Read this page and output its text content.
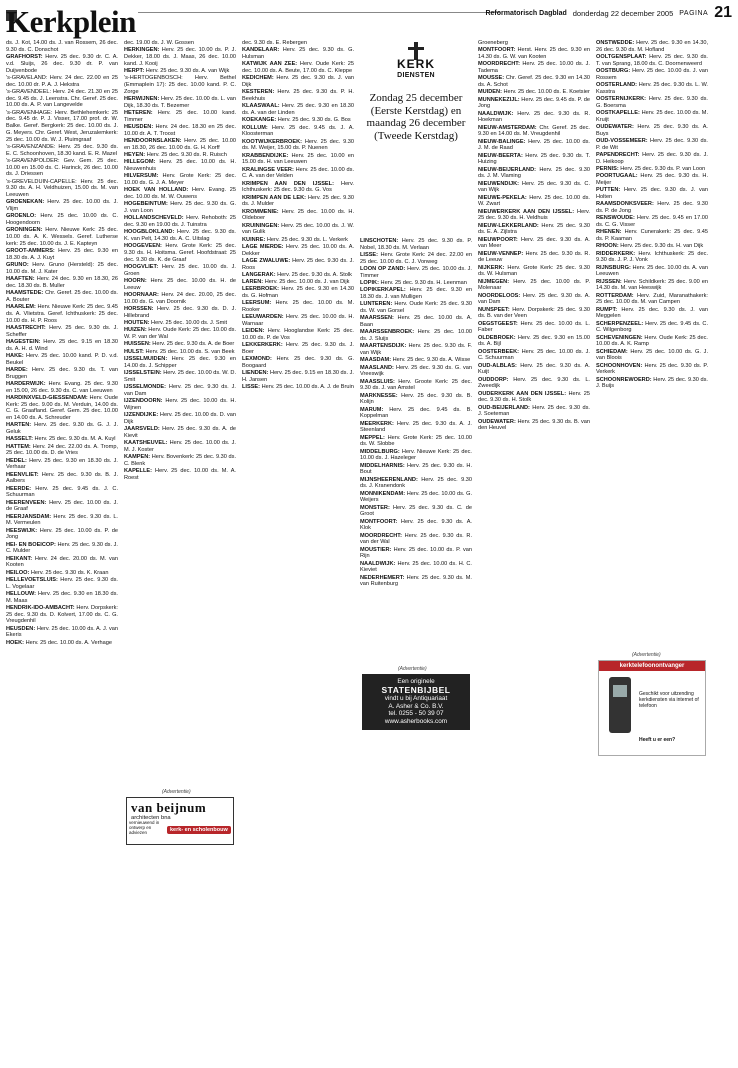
Kerkplein	Reformatorisch Dagblad donderdag 22 december 2005 PAGINA 21

ds. J. Kot, 14.00 ds. J. van Rossem, 26 dec. 9.30 ds. C. Donschot

GRAFHORST: Herv. 25 dec. 9.30 dr. C. A. v.d. Sluijs, 26 dec. 9.30 dr. P. van Duijvenbode

's-GRAVELAND: Herv. 24 dec. 22.00 en 25 dec. 10.00 dr. P. A. J. Hekstra

's-GRAVENDEEL: Herv. 24 dec. 21.30 en 25 dec. 9.45 ds. J. Leenstra. Chr. Geref. 25 dec. 10.00 ds. A. P. van Langevelde

's-GRAVENHAGE: Herv. Bethlehemkerk: 25 dec. 9.45 dr. P. J. Visser, 17.00 prof. dr. W. Balke. Geref. Bergkerk: 25 dec. 10.00 ds. J. G. Meyers. Chr. Geref. West, Jeruzalemkerk: 25 dec. 10.00 ds. W. J. Pluimgraaf

's-GRAVENZANDE: Herv. 25 dec. 9.30 ds. E. C. Schoonhoven, 18.30 kand. E. R. Mazel

's-GRAVENPOLDER: Gev. Gem. 25 dec. 10.00 en 15.00 ds. C. Harinck, 26 dec. 10.00 ds. J. Driessen

's-GREVELDUIN-CAPELLE: Herv. 25 dec. 9.30 ds. A. H. Veldhuizen, 15.00 ds. M. van Leeuwen

GROENEKAN: Herv. 25 dec. 10.00 ds. J. Vlijm

GROENLO: Herv. 25 dec. 10.00 ds. C. Hoogendoorn

GRONINGEN: Herv. Nieuwe Kerk: 25 dec. 10.00 ds. A. K. Wessels. Geref. Lutherse kerk: 25 dec. 10.00 ds. J. E. Kapteyn

GROOT-AMMERS: Herv. 25 dec. 9.30 en 18.30 ds. A. J. Kuyt

GRUNO: Herv. Gruno (Hersteld): 25 dec. 10.00 ds. M. J. Kater

HAAFTEN: Herv. 24 dec. 9.30 en 18.30, 26 dec. 18.30 ds. B. Muller

HAAMSTEDE: Chr. Geref. 25 dec. 10.00 ds. A. Bouter

HAARLEM: Herv. Nieuwe Kerk: 25 dec. 9.45 ds. A. Vlietstra. Geref. Ichthuskerk: 25 dec. 10.00 ds. H. P. Roos

HAASTRECHT: Herv. 25 dec. 9.30 ds. J. Scheffer

HAGESTEIN: Herv. 25 dec. 9.15 en 18.30 ds. A. H. d. Wind

HAKE: Herv. 25 dec. 10.00 kand. P. D. v.d. Beukel

HARDE: Herv. 25 dec. 9.30 ds. T. van Bruggen

HARDERWIJK: Herv. Evang. 25 dec. 9.30 en 15.00, 26 dec. 9.30 ds. C. van Leeuwen

HARDINXVELD-GIESSENDAM: Herv. Oude Kerk: 25 dec. 9.00 ds. M. Verduin, 14.00 ds. C. G. Graafland. Geref. Gem. 25 dec. 10.00 en 14.00 ds. A. Schreuder

HARTEN: Herv. 25 dec. 9.30 ds. G. J. J. Geluk

HASSELT: Herv. 25 dec. 9.30 ds. M. A. Kuyl

HATTEM: Herv. 24 dec. 22.00 ds. A. Tromp, 25 dec. 10.00 ds. D. de Vries

HEDEL: Herv. 25 dec. 9.30 en 18.30 ds. J. Verhaar

HEENVLIET: Herv. 25 dec. 9.30 ds. B. J. Aalbers

HEERDE: Herv. 25 dec. 9.45 ds. J. C. Schuurman

HEERENVEEN: Herv. 25 dec. 10.00 ds. J. de Graaf

HEERJANSDAM: Herv. 25 dec. 9.30 ds. L. M. Vermeulen

HEESWIJK: Herv. 25 dec. 10.00 ds. P. de Jong

HEI- EN BOEICOP: Herv. 25 dec. 9.30 ds. J. C. Mulder

HEIKANT: Herv. 24 dec. 20.00 ds. M. van Kooten

HEILOO: Herv. 25 dec. 9.30 ds. K. Kraan

HELLEVOETSLUIS: Herv. 25 dec. 9.30 ds. L. Vogelaar

HELLOUW: Herv. 25 dec. 9.30 en 18.30 ds. M. Maas

HENDRIK-IDO-AMBACHT: Herv. Dorpskerk: 25 dec. 9.30 ds. D. Kolvert, 17.00 ds. C. G. Vreugdenhil

HEUSDEN: Herv. 25 dec. 10.00 ds. A. J. van Ekeris

HOEK: Herv. 25 dec. 10.00 ds. A. Verhage

dec. 19.00 ds. J. W. Gossen

HERKINGEN: Herv. 25 dec. 10.00 ds. P. J. Dekker, 18.00 ds. J. Maas, 26 dec. 10.00 kand. J. Kooij

HERPT: Herv. 25 dec. 9.30 ds. A. van Wijk

's-HERTOGENBOSCH: Herv. Bethel (Emmaplein 17): 25 dec. 10.00 kand. P. C. Zorge

HERWIJNEN: Herv. 25 dec. 10.00 ds. L. van Dijk, 18.30 ds. T. Bezemer

HETEREN: Herv. 25 dec. 10.00 kand. Timmer

HEUSDEN: Herv. 24 dec. 18.30 en 25 dec. 10.00 dr. A. T. Troost

HENDOORNSLAKEN: Herv. 25 dec. 10.00 en 18.30, 26 dec. 10.00 ds. G. H. Korff

HEYEN: Herv. 25 dec. 9.30 ds. R. Ruisch

HILLEGOM: Herv. 25 dec. 10.00 ds. H. Nieuwenhuis

HILVERSUM: Herv. Grote Kerk: 25 dec. 10.00 ds. G. J. A. Meyer

HOEK VAN HOLLAND: Herv. Evang. 25 dec. 10.00 ds. M. W. Ouwens

HOGEBEINTUM: Herv. 25 dec. 9.30 ds. G. J. van Loon

HOLLANDSCHEVELD: Herv. Rehoboth: 25 dec. 9.30 en 19.00 ds. J. Tuinstra

HOOGBLOKLAND: Herv. 25 dec. 9.30 ds. K. van Pelt, 14.30 ds. A. C. Uitslag

HOOGEVEEN: Herv. Grote Kerk: 25 dec. 9.30 ds. H. Hoitsma. Geref. Hoofdstraat: 25 dec. 9.30 ds. K. de Graaf

HOOGVLIET: Herv. 25 dec. 10.00 ds. J. Groen

HOORN: Herv. 25 dec. 10.00 ds. H. de Leeuw

HOORNAAR: Herv. 24 dec. 20.00, 25 dec. 10.00 ds. G. van Doornik

HORSSEN: Herv. 25 dec. 9.30 ds. D. J. Hillebrand

HOUTEN: Herv. 25 dec. 10.00 ds. J. Smit

HUIZEN: Herv. Oude Kerk: 25 dec. 10.00 ds. W. P. van der Wal

HUISSEN: Herv. 25 dec. 9.30 ds. A. de Boer

HULST: Herv. 25 dec. 10.00 ds. S. van Beek

IJSSELMUIDEN: Herv. 25 dec. 9.30 en 14.00 ds. J. Schipper

IJSSELSTEIN: Herv. 25 dec. 10.00 ds. W. D. Smit

IJSSELMONDE: Herv. 25 dec. 9.30 ds. J. van Dam

IJZENDOORN: Herv. 25 dec. 10.00 ds. H. Wijnen

IJZENDIJKE: Herv. 25 dec. 10.00 ds. D. van Dijk

JAARSVELD: Herv. 25 dec. 9.30 ds. A. de Kievit

KAATSHEUVEL: Herv. 25 dec. 10.00 ds. J. M. J. Koster

KAMPEN: Herv. Bovenkerk: 25 dec. 9.30 ds. C. Blenk

KAPELLE: Herv. 25 dec. 10.00 ds. M. A. Roest

dec. 9.30 ds. E. Rebergen

KANDELAAR: Herv. 25 dec. 9.30 ds. G. Hulsman

KATWIJK AAN ZEE: Herv. Oude Kerk: 25 dec. 10.00 ds. A. Beute, 17.00 ds. C. Kleppe

KEDICHEM: Herv. 25 dec. 9.30 ds. J. van Dijk

KESTEREN: Herv. 25 dec. 9.30 ds. P. H. Beekhuis

KLAASWAAL: Herv. 25 dec. 9.30 en 18.30 ds. A. van der Linden

KOEKANGE: Herv. 25 dec. 9.30 ds. G. Bos

KOLLUM: Herv. 25 dec. 9.45 ds. J. A. Kloosterman

KOOTWIJKERBROEK: Herv. 25 dec. 9.30 ds. M. Weijer, 15.00 ds. P. Nuenen

KRABBENDIJKE: Herv. 25 dec. 10.00 en 15.00 ds. H. van Leeuwen

KRALINGSE VEER: Herv. 25 dec. 10.00 ds. C. A. van der Velden

KRIMPEN AAN DEN IJSSEL: Herv. Ichthuskerk: 25 dec. 9.30 ds. G. Vos

KRIMPEN AAN DE LEK: Herv. 25 dec. 9.30 ds. J. Mulder

KROMMENIE: Herv. 25 dec. 10.00 ds. H. Oldeboer

KRUININGEN: Herv. 25 dec. 10.00 ds. J. W. van Gulik

KUINRE: Herv. 25 dec. 9.30 ds. L. Verkerk

LAGE MIERDE: Herv. 25 dec. 10.00 ds. A. Dekker

LAGE ZWALUWE: Herv. 25 dec. 9.30 ds. J. Roos

LANGERAK: Herv. 25 dec. 9.30 ds. A. Stolk

LAREN: Herv. 25 dec. 10.00 ds. J. van Dijk

LEERBROEK: Herv. 25 dec. 9.30 en 14.30 ds. G. Hofman

LEERSUM: Herv. 25 dec. 10.00 ds. M. Rooker

LEEUWARDEN: Herv. 25 dec. 10.00 ds. H. Warnaar

LEIDEN: Herv. Hooglandse Kerk: 25 dec. 10.00 ds. P. de Vos

LEKKERKERK: Herv. 25 dec. 9.30 ds. J. Boer

LEXMOND: Herv. 25 dec. 9.30 ds. G. Boogaard

LIENDEN: Herv. 25 dec. 9.15 en 18.30 ds. J. H. Jansen

LISSE: Herv. 25 dec. 10.00 ds. A. J. de Bruin

KERK
DIENSTEN
Zondag 25 december (Eerste Kerstdag) en maandag 26 december (Tweede Kerstdag)

LINSCHOTEN: Herv. 25 dec. 9.30 ds. P. Nobel, 18.30 ds. M. Verlaan

LISSE: Herv. Grote Kerk: 24 dec. 22.00 en 25 dec. 10.00 ds. C. J. Vonweg

LOON OP ZAND: Herv. 25 dec. 10.00 ds. J. Timmer

LOPIK: Herv. 25 dec. 9.30 ds. H. Leenman

LOPIKERKAPEL: Herv. 25 dec. 9.30 en 18.30 ds. J. van Mulligen

LUNTEREN: Herv. Oude Kerk: 25 dec. 9.30 ds. W. van Gorsel

MAARSSEN: Herv. 25 dec. 10.00 ds. A. Baan

MAARSSENBROEK: Herv. 25 dec. 10.00 ds. J. Sluijs

MAARTENSDIJK: Herv. 25 dec. 9.30 ds. F. van Wijk

MAASDAM: Herv. 25 dec. 9.30 ds. A. Wisse

MAASLAND: Herv. 25 dec. 9.30 ds. G. van Vreeswijk

MAASSLUIS: Herv. Groote Kerk: 25 dec. 9.30 ds. J. van Amstel

MARKNESSE: Herv. 25 dec. 9.30 ds. B. Kolijn

MARUM: Herv. 25 dec. 9.45 ds. B. Koppelman

MEERKERK: Herv. 25 dec. 9.30 ds. A. J. Steenland

MEPPEL: Herv. Grote Kerk: 25 dec. 10.00 ds. W. Slobbe

MIDDELBURG: Herv. Nieuwe Kerk: 25 dec. 10.00 ds. J. Hazeleger

MIDDELHARNIS: Herv. 25 dec. 9.30 ds. H. Bout

MIJNSHEERENLAND: Herv. 25 dec. 9.30 ds. J. Kranendonk

MONNIKENDAM: Herv. 25 dec. 10.00 ds. G. Weijers

MONSTER: Herv. 25 dec. 9.30 ds. C. de Groot

MONTFOORT: Herv. 25 dec. 9.30 ds. A. Klok

MOORDRECHT: Herv. 25 dec. 9.30 ds. R. van der Wal

MOUSTIER: Herv. 25 dec. 10.00 ds. P. van Rijn

NAALDWIJK: Herv. 25 dec. 10.00 ds. H. C. Kieviet

NEDERHEMERT: Herv. 25 dec. 9.30 ds. M. van Ruitenburg

Groeneberg

MONTFOORT: Herst. Herv. 25 dec. 9.30 en 14.30 ds. G. W. van Kooten

MOORDRECHT: Herv. 25 dec. 10.00 ds. J. Tadema

MOUSSE: Chr. Geref. 25 dec. 9.30 en 14.30 ds. A. Schot

MUIDEN: Herv. 25 dec. 10.00 ds. E. Koetsier

MUNNEKEZIJL: Herv. 25 dec. 9.45 ds. P. de Jong

NAALDWIJK: Herv. 25 dec. 9.30 ds. R. Hoekman

NIEUW-AMSTERDAM: Chr. Geref. 25 dec. 9.30 en 14.00 ds. M. Vreugdenhil

NIEUW-BALINGE: Herv. 25 dec. 10.00 ds. J. M. de Raad

NIEUW-BEERTA: Herv. 25 dec. 9.30 ds. T. Huizing

NIEUW-BEIJERLAND: Herv. 25 dec. 9.30 ds. J. M. Vlaming

NIEUWENDIJK: Herv. 25 dec. 9.30 ds. C. van Wijk

NIEUWE-PEKELA: Herv. 25 dec. 10.00 ds. W. Zwart

NIEUWERKERK AAN DEN IJSSEL: Herv. 25 dec. 9.30 ds. H. Veldhuis

NIEUW-LEKKERLAND: Herv. 25 dec. 9.30 ds. E. A. Zijlstra

NIEUWPOORT: Herv. 25 dec. 9.30 ds. A. van Meer

NIEUW-VENNEP: Herv. 25 dec. 9.30 ds. R. de Leeuw

NIJKERK: Herv. Grote Kerk: 25 dec. 9.30 ds. W. Hulsman

NIJMEGEN: Herv. 25 dec. 10.00 ds. P. Molenaar

NOORDELOOS: Herv. 25 dec. 9.30 ds. A. van Dam

NUNSPEET: Herv. Dorpskerk: 25 dec. 9.30 ds. B. van der Veen

OEGSTGEEST: Herv. 25 dec. 10.00 ds. L. Faber

OLDEBROEK: Herv. 25 dec. 9.30 en 15.00 ds. A. Bijl

OOSTERBEEK: Herv. 25 dec. 10.00 ds. J. C. Schuurman

OUD-ALBLAS: Herv. 25 dec. 9.30 ds. A. Kuijt

OUDDORP: Herv. 25 dec. 9.30 ds. L. Zweedijk

OUDERKERK AAN DEN IJSSEL: Herv. 25 dec. 9.30 ds. H. Stolk

OUD-BEIJERLAND: Herv. 25 dec. 9.30 ds. J. Soeteman

OUDEWATER: Herv. 25 dec. 9.30 ds. B. van den Heuvel

ONSTWEDDE: Herv. 25 dec. 9.30 en 14.30, 26 dec. 9.30 ds. M. Hofland

OOLTGENSPLAAT: Herv. 25 dec. 9.30 ds. T. van Sprang, 18.00 ds. C. Doornenweerd

OOSTBURG: Herv. 25 dec. 10.00 ds. J. van Rossem

OOSTERLAND: Herv. 25 dec. 9.30 ds. L. W. Kasstra

OOSTERNIJKERK: Herv. 25 dec. 9.30 ds. G. Boersma

OOSTKAPELLE: Herv. 25 dec. 10.00 ds. M. Kruijt

OUDEWATER: Herv. 25 dec. 9.30 ds. A. Buys

OUD-VOSSEMEER: Herv. 25 dec. 9.30 ds. P. de Wit

PAPENDRECHT: Herv. 25 dec. 9.30 ds. J. D. Heikoop

PERNIS: Herv. 25 dec. 9.30 ds. P. van Loon

POORTUGAAL: Herv. 25 dec. 9.30 ds. H. Meijer

PUTTEN: Herv. 25 dec. 9.30 ds. J. van Holten

RAAMSDONKSVEER: Herv. 25 dec. 9.30 ds. P. de Jong

RENSWOUDE: Herv. 25 dec. 9.45 en 17.00 ds. C. G. Visser

RHENEN: Herv. Cunerakerk: 25 dec. 9.45 ds. P. Kaaman

RHOON: Herv. 25 dec. 9.30 ds. H. van Dijk

RIDDERKERK: Herv. Ichthuskerk: 25 dec. 9.30 ds. J. P. J. Vonk

RIJNSBURG: Herv. 25 dec. 10.00 ds. A. van Leeuwen

RIJSSEN: Herv. Schildkerk: 25 dec. 9.00 en 14.30 ds. M. van Heeswijk

ROTTERDAM: Herv. Zuid, Maranathakerk: 25 dec. 10.00 ds. M. van Campen

RUMPT: Herv. 25 dec. 9.30 ds. J. van Meggelen

SCHERPENZEEL: Herv. 25 dec. 9.45 ds. C. C. Wilgenborg

SCHEVENINGEN: Herv. Oude Kerk: 25 dec. 10.00 ds. A. K. Ramp

SCHIEDAM: Herv. 25 dec. 10.00 ds. G. J. van Bloois

SCHOONHOVEN: Herv. 25 dec. 9.30 ds. P. Verkerk

SCHOONREWOERD: Herv. 25 dec. 9.30 ds. J. Buijs

(Advertentie)
Een originele
STATENBIJBEL
vindt u bij Antiquariaat
A. Asher & Co. B.V.
tel. 0255 - 50 39 07
www.asherbooks.com
(Advertentie)
van beijnum
architecten bna
vernieuwend in ontwerp en adviezen	kerk- en scholenbouw
(Advertentie)
kerktelefoonontvanger
Geschikt voor uitzending kerkdiensten via internet of telefoon
Heeft u er een?
